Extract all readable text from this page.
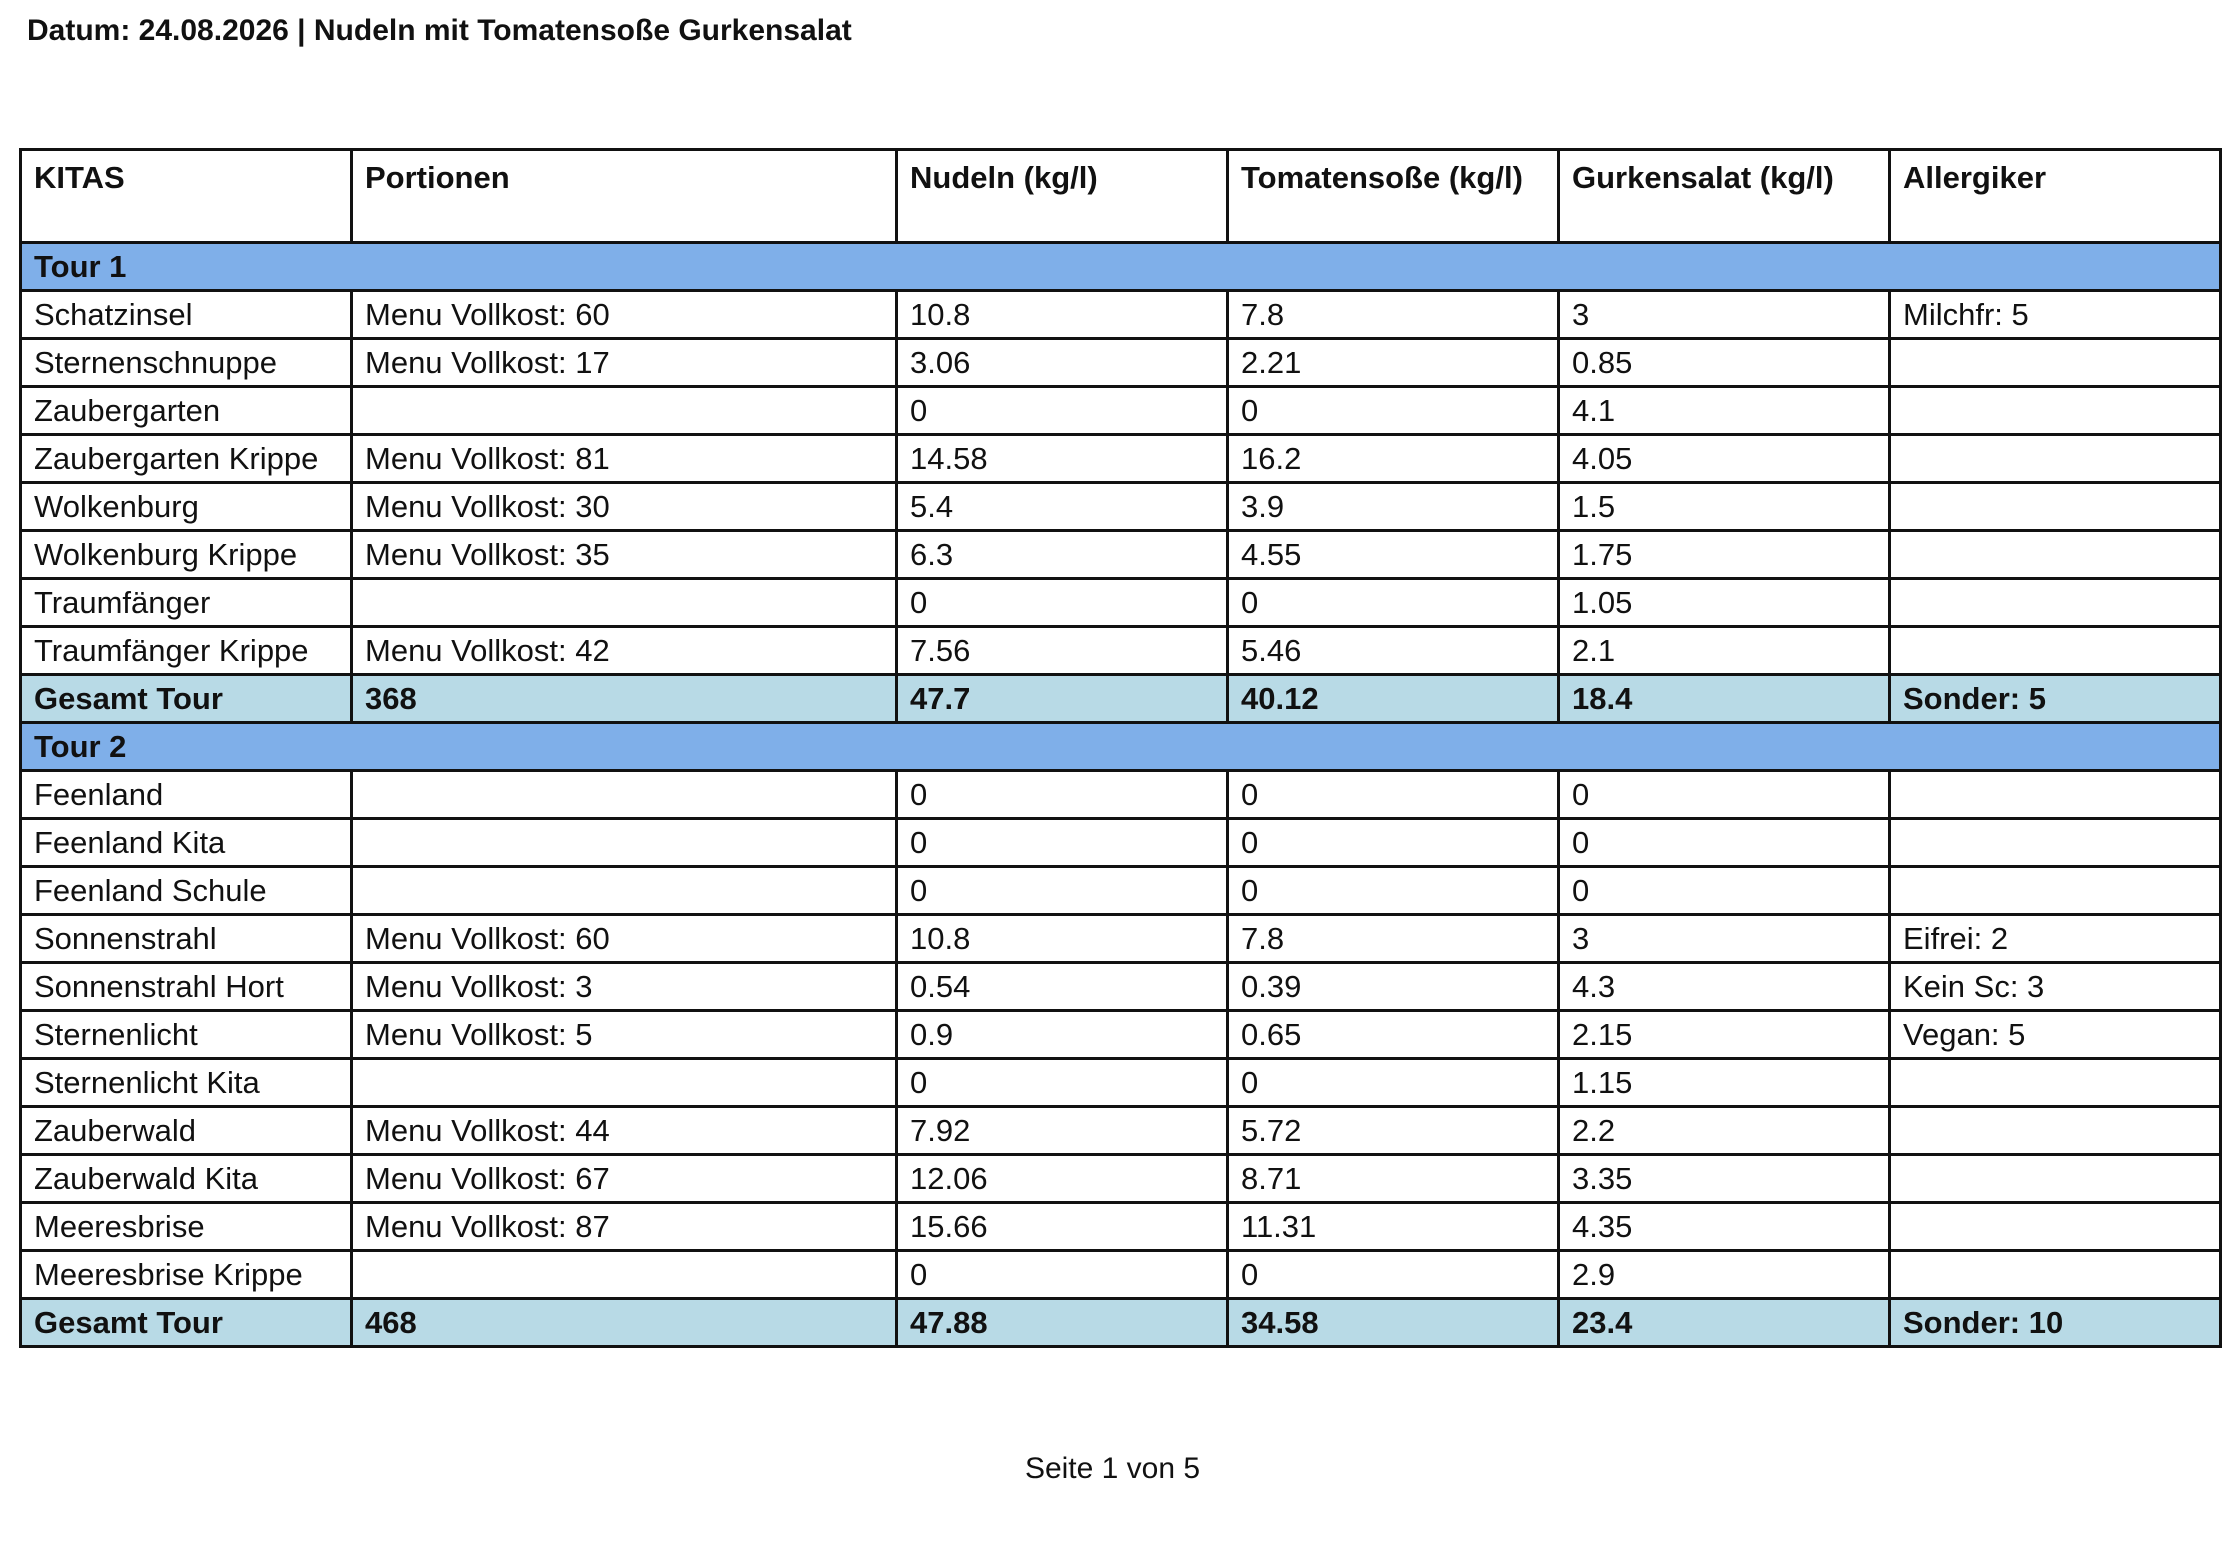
Datum: 24.08.2026 | Nudeln mit Tomatensoße Gurkensalat
KITAS	Portionen	Nudeln (kg/l)	Tomatensoße (kg/l)	Gurkensalat (kg/l)	Allergiker
Tour 1					
Schatzinsel	Menu Vollkost: 60	10.8	7.8	3	Milchfr: 5
Sternenschnuppe	Menu Vollkost: 17	3.06	2.21	0.85	
Zaubergarten		0	0	4.1	
Zaubergarten Krippe	Menu Vollkost: 81	14.58	16.2	4.05	
Wolkenburg	Menu Vollkost: 30	5.4	3.9	1.5	
Wolkenburg Krippe	Menu Vollkost: 35	6.3	4.55	1.75	
Traumfänger		0	0	1.05	
Traumfänger Krippe	Menu Vollkost: 42	7.56	5.46	2.1	
Gesamt Tour	368	47.7	40.12	18.4	Sonder: 5
Tour 2					
Feenland		0	0	0	
Feenland Kita		0	0	0	
Feenland Schule		0	0	0	
Sonnenstrahl	Menu Vollkost: 60	10.8	7.8	3	Eifrei: 2
Sonnenstrahl Hort	Menu Vollkost: 3	0.54	0.39	4.3	Kein Sc: 3
Sternenlicht	Menu Vollkost: 5	0.9	0.65	2.15	Vegan: 5
Sternenlicht Kita		0	0	1.15	
Zauberwald	Menu Vollkost: 44	7.92	5.72	2.2	
Zauberwald Kita	Menu Vollkost: 67	12.06	8.71	3.35	
Meeresbrise	Menu Vollkost: 87	15.66	11.31	4.35	
Meeresbrise Krippe		0	0	2.9	
Gesamt Tour	468	47.88	34.58	23.4	Sonder: 10
Seite 1 von 5
